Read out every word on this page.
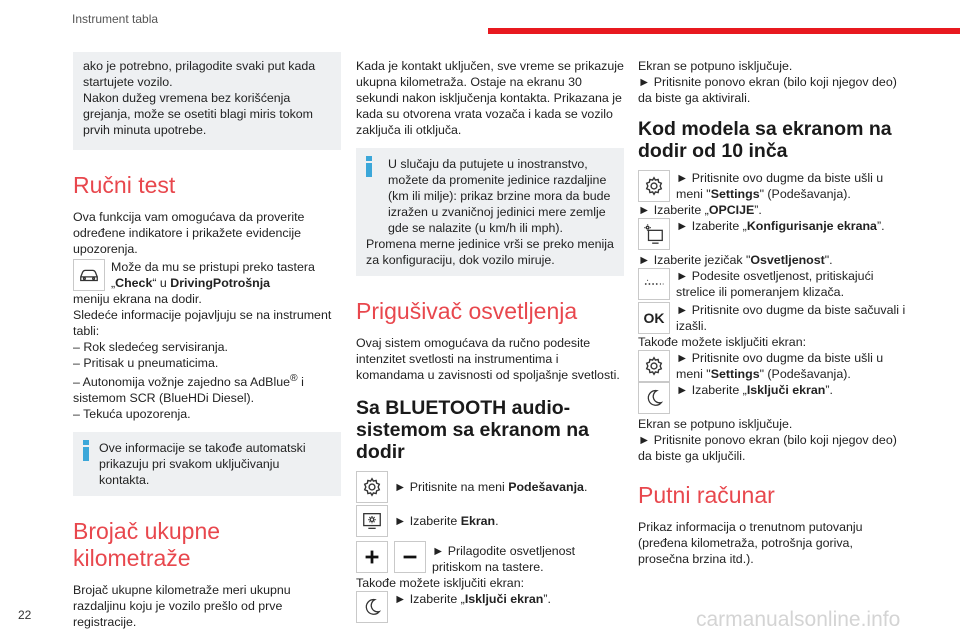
Instrument tabla

ako je potrebno, prilagodite svaki put kada startujete vozilo.

Nakon dužeg vremena bez korišćenja grejanja, može se osetiti blagi miris tokom prvih minuta upotrebe.

Ručni test

Ova funkcija vam omogućava da proverite određene indikatore i prikažete evidencije upozorenja.

Može da mu se pristupi preko tastera „Check“ u DrivingPotrošnja

meniju ekrana na dodir.

Sledeće informacije pojavljuju se na instrument tabli:

– Rok sledećeg servisiranja.

– Pritisak u pneumaticima.

– Autonomija vožnje zajedno sa AdBlue® i sistemom SCR (BlueHDi Diesel).

– Tekuća upozorenja.

Ove informacije se takođe automatski prikazuju pri svakom uključivanju kontakta.

Brojač ukupne kilometraže

Brojač ukupne kilometraže meri ukupnu razdaljinu koju je vozilo prešlo od prve registracije.

Kada je kontakt uključen, sve vreme se prikazuje ukupna kilometraža. Ostaje na ekranu 30 sekundi nakon isključenja kontakta. Prikazana je kada su otvorena vrata vozača i kada se vozilo zaključa ili otključa.

U slučaju da putujete u inostranstvo, možete da promenite jedinice razdaljine (km ili milje): prikaz brzine mora da bude izražen u zvaničnoj jedinici mere zemlje gde se nalazite (u km/h ili mph).

Promena merne jedinice vrši se preko menija za konfiguraciju, dok vozilo miruje.

Prigušivač osvetljenja

Ovaj sistem omogućava da ručno podesite intenzitet svetlosti na instrumentima i komandama u zavisnosti od spoljašnje svetlosti.

Sa BLUETOOTH audio-sistemom sa ekranom na dodir

► Pritisnite na meni Podešavanja.

► Izaberite Ekran.

► Prilagodite osvetljenost pritiskom na tastere.

Takođe možete isključiti ekran:

► Izaberite „Isključi ekran”.

Ekran se potpuno isključuje.

► Pritisnite ponovo ekran (bilo koji njegov deo) da biste ga aktivirali.

Kod modela sa ekranom na dodir od 10 inča

► Pritisnite ovo dugme da biste ušli u meni "Settings" (Podešavanja).

► Izaberite „OPCIJE”.

► Izaberite „Konfigurisanje ekrana”.

► Izaberite jezičak "Osvetljenost".

► Podesite osvetljenost, pritiskajući strelice ili pomeranjem klizača.

OK

►	Pritisnite ovo dugme da biste sačuvali i izašli.

Takođe možete isključiti ekran:

► Pritisnite ovo dugme da biste ušli u meni "Settings" (Podešavanja).

► Izaberite „Isključi ekran”.

Ekran se potpuno isključuje.

► Pritisnite ponovo ekran (bilo koji njegov deo) da biste ga uključili.

Putni računar

Prikaz informacija o trenutnom putovanju (pređena kilometraža, potrošnja goriva, prosečna brzina itd.).

22	carmanualsonline.info
